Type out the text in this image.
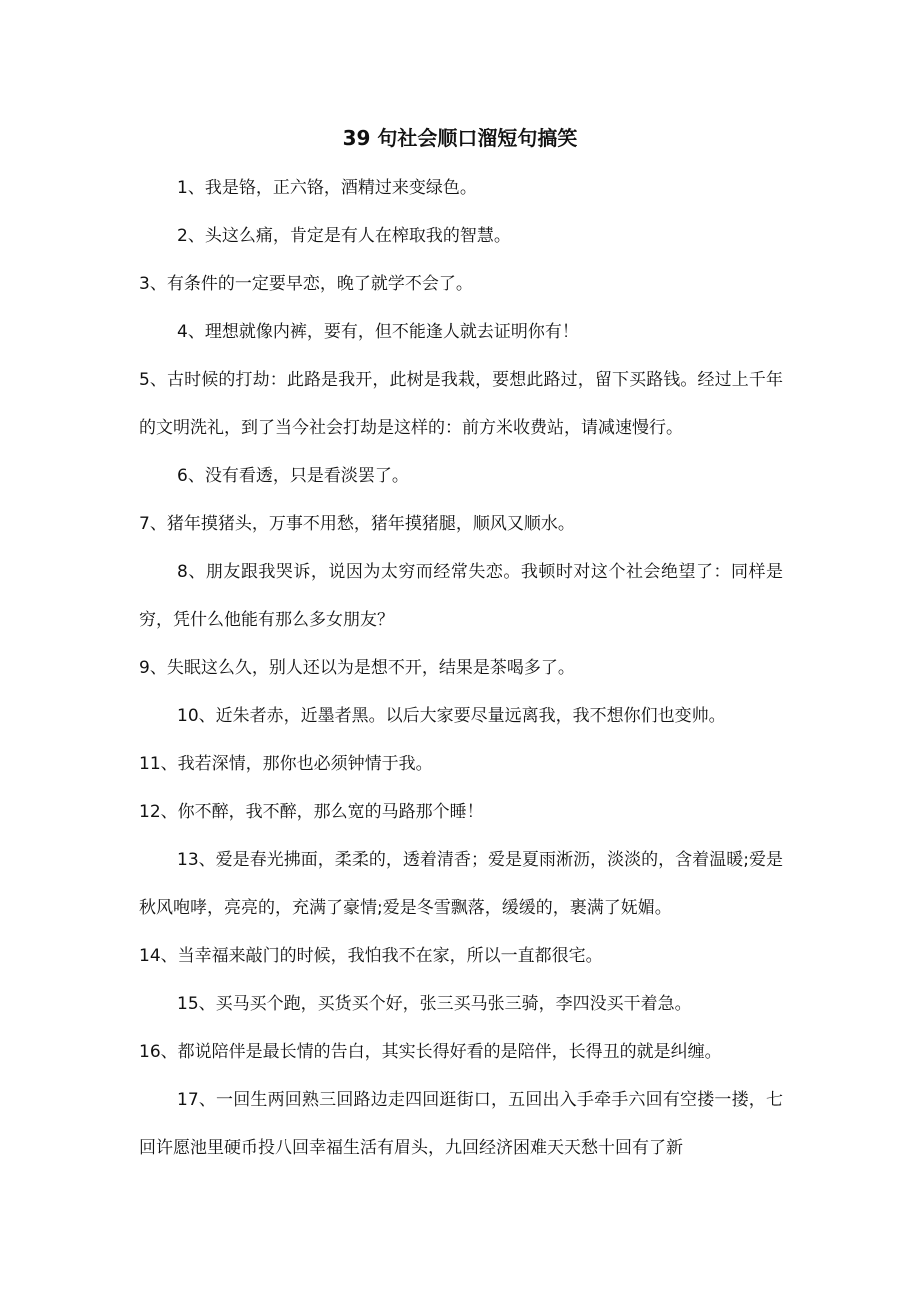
39 句社会顺口溜短句搞笑

1、我是铬，正六铬，酒精过来变绿色。

2、头这么痛，肯定是有人在榨取我的智慧。

3、有条件的一定要早恋，晚了就学不会了。

4、理想就像内裤，要有，但不能逢人就去证明你有！

5、古时候的打劫：此路是我开，此树是我栽，要想此路过，留下买路钱。经过上千年的文明洗礼，到了当今社会打劫是这样的：前方米收费站，请减速慢行。

6、没有看透，只是看淡罢了。

7、猪年摸猪头，万事不用愁，猪年摸猪腿，顺风又顺水。

8、朋友跟我哭诉，说因为太穷而经常失恋。我顿时对这个社会绝望了：同样是穷，凭什么他能有那么多女朋友？

9、失眠这么久，别人还以为是想不开，结果是茶喝多了。

10、近朱者赤，近墨者黑。以后大家要尽量远离我，我不想你们也变帅。

11、我若深情，那你也必须钟情于我。

12、你不醉，我不醉，那么宽的马路那个睡！

13、爱是春光拂面，柔柔的，透着清香；爱是夏雨淅沥，淡淡的，含着温暖;爱是秋风咆哮，亮亮的，充满了豪情;爱是冬雪飘落，缓缓的，裹满了妩媚。

14、当幸福来敲门的时候，我怕我不在家，所以一直都很宅。

15、买马买个跑，买货买个好，张三买马张三骑，李四没买干着急。

16、都说陪伴是最长情的告白，其实长得好看的是陪伴，长得丑的就是纠缠。

17、一回生两回熟三回路边走四回逛街口，五回出入手牵手六回有空搂一搂，七回许愿池里硬币投八回幸福生活有眉头，九回经济困难天天愁十回有了新
